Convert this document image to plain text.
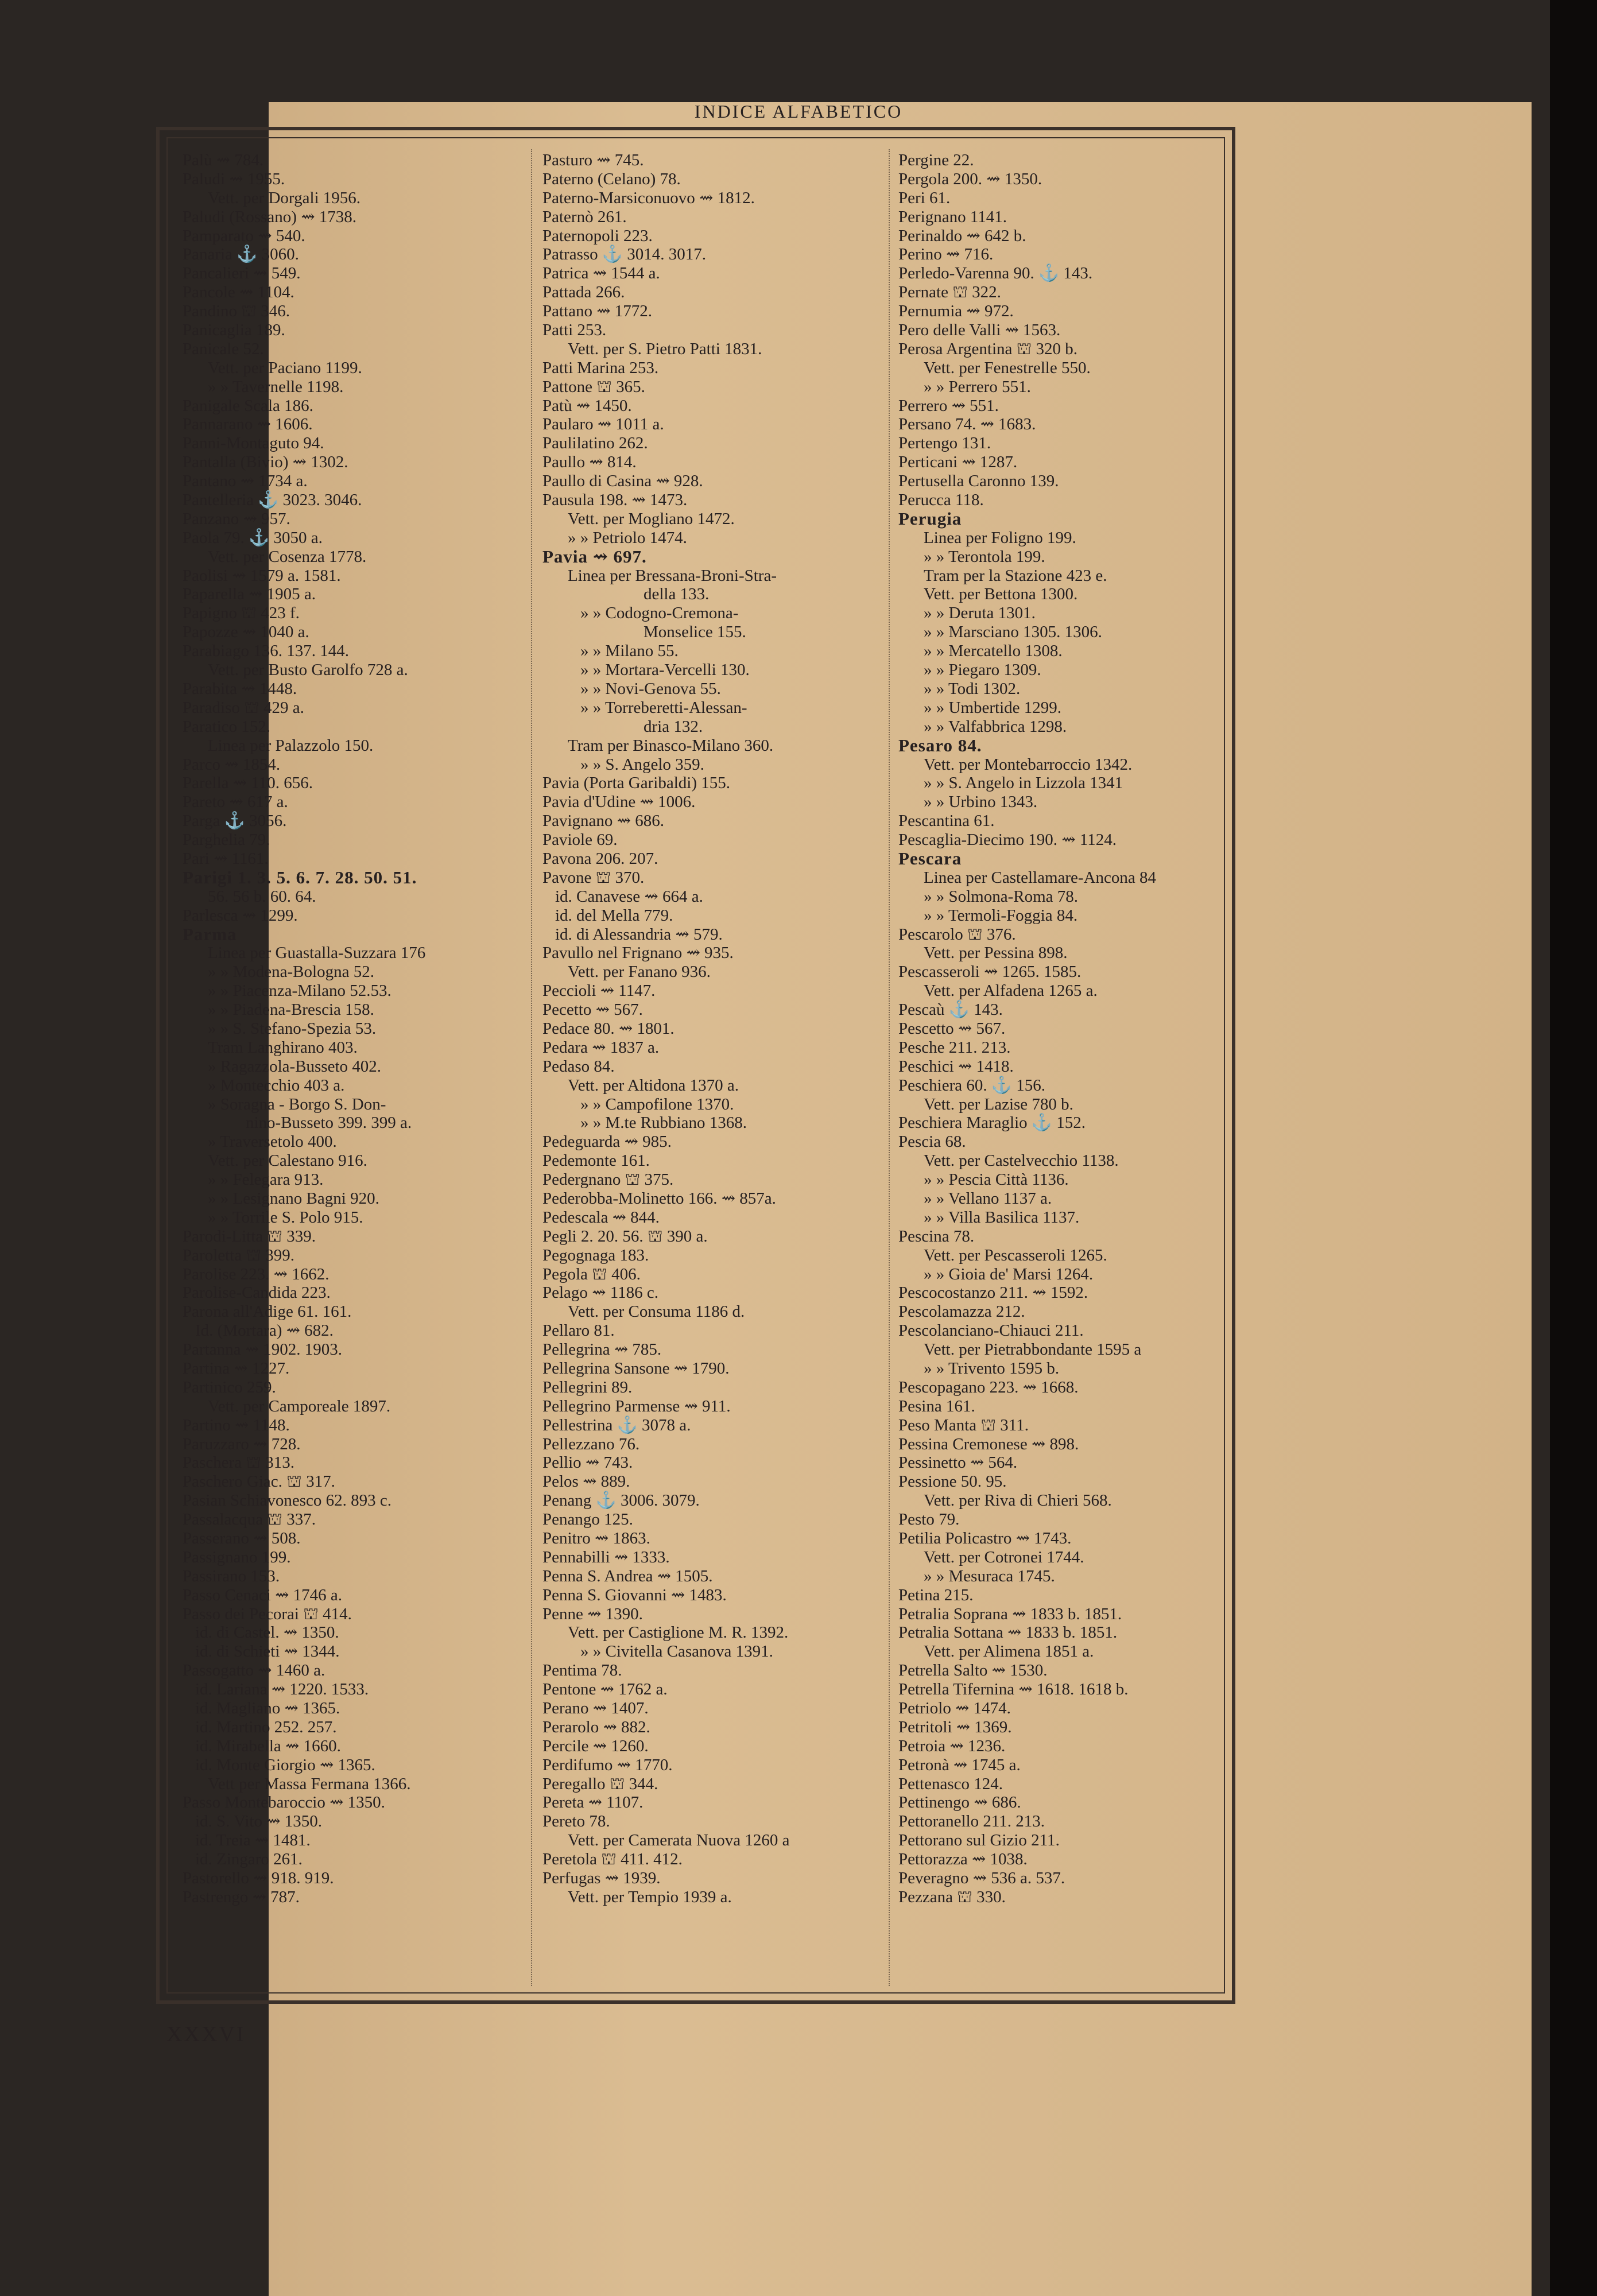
INDICE ALFABETICO
Palù ⇝ 784.
Paludi ⇝ 1955.
Vett. per Dorgali 1956.
Paludi (Rossano) ⇝ 1738.
Pamparato ⇝ 540.
Panaria ⚓ 3060.
Pancalieri ⇝ 549.
Pancole ⇝ 1104.
Pandino ⛫ 346.
Panicaglia 189.
Panicale 52.
Vett. per Paciano 1199.
» » Tavernelle 1198.
Panigale Scala 186.
Pannarano ⇝ 1606.
Panni-Montaguto 94.
Pantalla (Bivio) ⇝ 1302.
Pantano ⇝ 1734 a.
Pantelleria ⚓ 3023. 3046.
Panzano ⇝ 957.
Paola 79. ⚓ 3050 a.
Vett. per Cosenza 1778.
Paolisi ⇝ 1579 a. 1581.
Paparella ⇝ 1905 a.
Papigno ⛫ 423 f.
Papozze ⇝ 1040 a.
Parabiago 136. 137. 144.
Vett. per Busto Garolfo 728 a.
Parabita ⇝ 1448.
Paradiso ⛫ 429 a.
Paratico 152.
Linea per Palazzolo 150.
Parco ⇝ 1854.
Parella ⇝ 110. 656.
Pareto ⇝ 617 a.
Parga ⚓ 3056.
Parghelia 79.
Pari ⇝ 1161.
Parigi 1. 3. 5. 6. 7. 28. 50. 51.
56. 56 b. 60. 64.
Parlesca ⇝ 1299.
Parma
Linea per Guastalla-Suzzara 176
» » Modena-Bologna 52.
» » Piacenza-Milano 52.53.
» » Piadena-Brescia 158.
» » S. Stefano-Spezia 53.
Tram Langhirano 403.
» Ragazzola-Busseto 402.
» Montecchio 403 a.
» Soragna - Borgo S. Don-
nino-Busseto 399. 399 a.
» Traversetolo 400.
Vett. per Calestano 916.
» » Felegara 913.
» » Lesignano Bagni 920.
» » Torrile S. Polo 915.
Parodi-Litta ⛫ 339.
Paroletta ⛫ 399.
Parolise 223. ⇝ 1662.
Parolise-Candida 223.
Parona all'Adige 61. 161.
Id. (Mortara) ⇝ 682.
Partanna ⇝ 1902. 1903.
Partina ⇝ 1227.
Partinico 259.
Vett. per Camporeale 1897.
Partino ⇝ 1148.
Paruzzaro ⇝ 728.
Paschera ⛫ 313.
Paschero Giac. ⛫ 317.
Pasian Schiavonesco 62. 893 c.
Passalacqua ⛫ 337.
Passerano ⇝ 508.
Passignano 199.
Passirano 153.
Passo Cenaci ⇝ 1746 a.
Passo dei Pecorai ⛫ 414.
id. di Castel. ⇝ 1350.
id. di Schieti ⇝ 1344.
Passogatto ⇝ 1460 a.
id. Lariana ⇝ 1220. 1533.
id. Magliano ⇝ 1365.
id. Martino 252. 257.
id. Mirabella ⇝ 1660.
id. Monte Giorgio ⇝ 1365.
Vett per Massa Fermana 1366.
Passo Montebaroccio ⇝ 1350.
id. S. Vito ⇝ 1350.
id. Treia ⇝ 1481.
id. Zingaro 261.
Pastorello ⇝ 918. 919.
Pastrengo ⇝ 787.
Pasturo ⇝ 745.
Paterno (Celano) 78.
Paterno-Marsiconuovo ⇝ 1812.
Paternò 261.
Paternopoli 223.
Patrasso ⚓ 3014. 3017.
Patrica ⇝ 1544 a.
Pattada 266.
Pattano ⇝ 1772.
Patti 253.
Vett. per S. Pietro Patti 1831.
Patti Marina 253.
Pattone ⛫ 365.
Patù ⇝ 1450.
Paularo ⇝ 1011 a.
Paulilatino 262.
Paullo ⇝ 814.
Paullo di Casina ⇝ 928.
Pausula 198. ⇝ 1473.
Vett. per Mogliano 1472.
» » Petriolo 1474.
Pavia ⇝ 697.
Linea per Bressana-Broni-Stra-
della 133.
» » Codogno-Cremona-
Monselice 155.
» » Milano 55.
» » Mortara-Vercelli 130.
» » Novi-Genova 55.
» » Torreberetti-Alessan-
dria 132.
Tram per Binasco-Milano 360.
» » S. Angelo 359.
Pavia (Porta Garibaldi) 155.
Pavia d'Udine ⇝ 1006.
Pavignano ⇝ 686.
Paviole 69.
Pavona 206. 207.
Pavone ⛫ 370.
id. Canavese ⇝ 664 a.
id. del Mella 779.
id. di Alessandria ⇝ 579.
Pavullo nel Frignano ⇝ 935.
Vett. per Fanano 936.
Peccioli ⇝ 1147.
Pecetto ⇝ 567.
Pedace 80. ⇝ 1801.
Pedara ⇝ 1837 a.
Pedaso 84.
Vett. per Altidona 1370 a.
» » Campofilone 1370.
» » M.te Rubbiano 1368.
Pedeguarda ⇝ 985.
Pedemonte 161.
Pedergnano ⛫ 375.
Pederobba-Molinetto 166. ⇝ 857a.
Pedescala ⇝ 844.
Pegli 2. 20. 56. ⛫ 390 a.
Pegognaga 183.
Pegola ⛫ 406.
Pelago ⇝ 1186 c.
Vett. per Consuma 1186 d.
Pellaro 81.
Pellegrina ⇝ 785.
Pellegrina Sansone ⇝ 1790.
Pellegrini 89.
Pellegrino Parmense ⇝ 911.
Pellestrina ⚓ 3078 a.
Pellezzano 76.
Pellio ⇝ 743.
Pelos ⇝ 889.
Penang ⚓ 3006. 3079.
Penango 125.
Penitro ⇝ 1863.
Pennabilli ⇝ 1333.
Penna S. Andrea ⇝ 1505.
Penna S. Giovanni ⇝ 1483.
Penne ⇝ 1390.
Vett. per Castiglione M. R. 1392.
» » Civitella Casanova 1391.
Pentima 78.
Pentone ⇝ 1762 a.
Perano ⇝ 1407.
Perarolo ⇝ 882.
Percile ⇝ 1260.
Perdifumo ⇝ 1770.
Peregallo ⛫ 344.
Pereta ⇝ 1107.
Pereto 78.
Vett. per Camerata Nuova 1260 a
Peretola ⛫ 411. 412.
Perfugas ⇝ 1939.
Vett. per Tempio 1939 a.
Pergine 22.
Pergola 200. ⇝ 1350.
Peri 61.
Perignano 1141.
Perinaldo ⇝ 642 b.
Perino ⇝ 716.
Perledo-Varenna 90. ⚓ 143.
Pernate ⛫ 322.
Pernumia ⇝ 972.
Pero delle Valli ⇝ 1563.
Perosa Argentina ⛫ 320 b.
Vett. per Fenestrelle 550.
» » Perrero 551.
Perrero ⇝ 551.
Persano 74. ⇝ 1683.
Pertengo 131.
Perticani ⇝ 1287.
Pertusella Caronno 139.
Perucca 118.
Perugia
Linea per Foligno 199.
» » Terontola 199.
Tram per la Stazione 423 e.
Vett. per Bettona 1300.
» » Deruta 1301.
» » Marsciano 1305. 1306.
» » Mercatello 1308.
» » Piegaro 1309.
» » Todi 1302.
» » Umbertide 1299.
» » Valfabbrica 1298.
Pesaro 84.
Vett. per Montebarroccio 1342.
» » S. Angelo in Lizzola 1341
» » Urbino 1343.
Pescantina 61.
Pescaglia-Diecimo 190. ⇝ 1124.
Pescara
Linea per Castellamare-Ancona 84
» » Solmona-Roma 78.
» » Termoli-Foggia 84.
Pescarolo ⛫ 376.
Vett. per Pessina 898.
Pescasseroli ⇝ 1265. 1585.
Vett. per Alfadena 1265 a.
Pescaù ⚓ 143.
Pescetto ⇝ 567.
Pesche 211. 213.
Peschici ⇝ 1418.
Peschiera 60. ⚓ 156.
Vett. per Lazise 780 b.
Peschiera Maraglio ⚓ 152.
Pescia 68.
Vett. per Castelvecchio 1138.
» » Pescia Città 1136.
» » Vellano 1137 a.
» » Villa Basilica 1137.
Pescina 78.
Vett. per Pescasseroli 1265.
» » Gioia de' Marsi 1264.
Pescocostanzo 211. ⇝ 1592.
Pescolamazza 212.
Pescolanciano-Chiauci 211.
Vett. per Pietrabbondante 1595 a
» » Trivento 1595 b.
Pescopagano 223. ⇝ 1668.
Pesina 161.
Peso Manta ⛫ 311.
Pessina Cremonese ⇝ 898.
Pessinetto ⇝ 564.
Pessione 50. 95.
Vett. per Riva di Chieri 568.
Pesto 79.
Petilia Policastro ⇝ 1743.
Vett. per Cotronei 1744.
» » Mesuraca 1745.
Petina 215.
Petralia Soprana ⇝ 1833 b. 1851.
Petralia Sottana ⇝ 1833 b. 1851.
Vett. per Alimena 1851 a.
Petrella Salto ⇝ 1530.
Petrella Tifernina ⇝ 1618. 1618 b.
Petriolo ⇝ 1474.
Petritoli ⇝ 1369.
Petroia ⇝ 1236.
Petronà ⇝ 1745 a.
Pettenasco 124.
Pettinengo ⇝ 686.
Pettoranello 211. 213.
Pettorano sul Gizio 211.
Pettorazza ⇝ 1038.
Peveragno ⇝ 536 a. 537.
Pezzana ⛫ 330.
XXXVI
